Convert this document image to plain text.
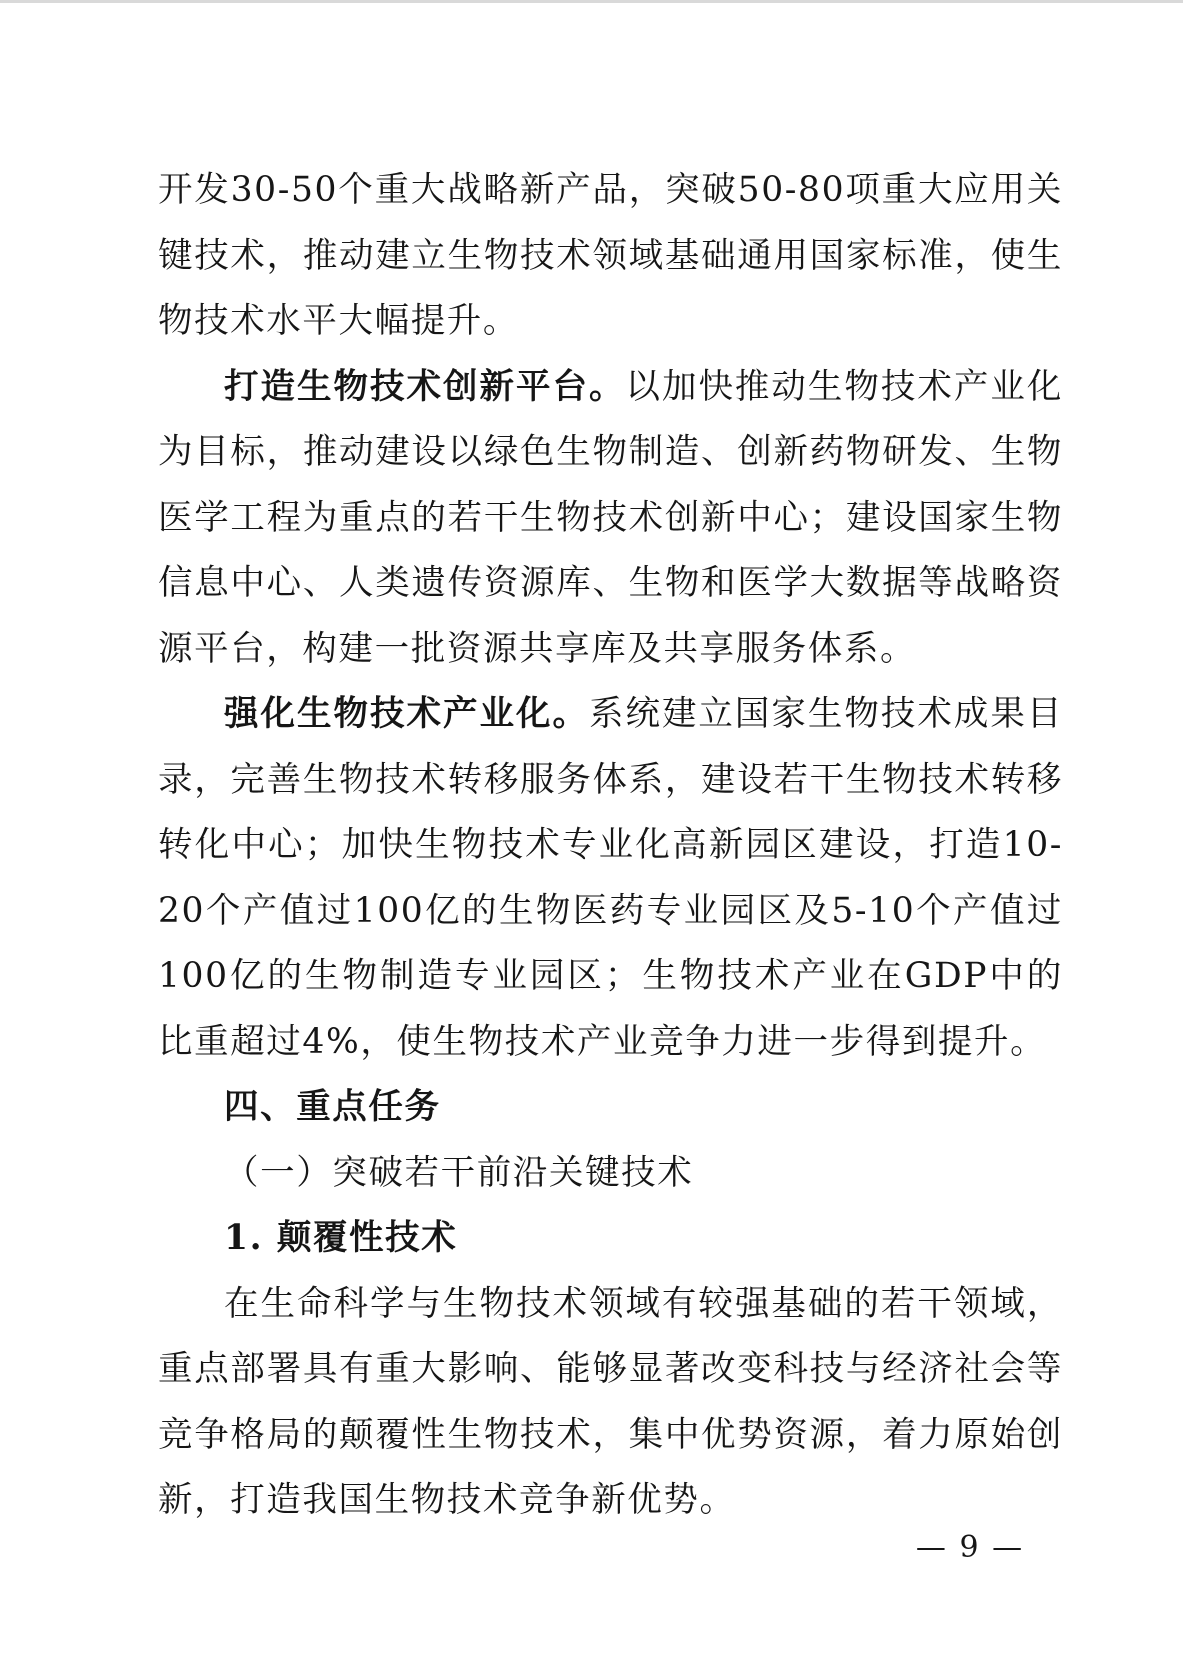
开发30-50个重大战略新产品，突破50-80项重大应用关键技术，推动建立生物技术领域基础通用国家标准，使生物技术水平大幅提升。

打造生物技术创新平台。以加快推动生物技术产业化为目标，推动建设以绿色生物制造、创新药物研发、生物医学工程为重点的若干生物技术创新中心；建设国家生物信息中心、人类遗传资源库、生物和医学大数据等战略资源平台，构建一批资源共享库及共享服务体系。

强化生物技术产业化。系统建立国家生物技术成果目录，完善生物技术转移服务体系，建设若干生物技术转移转化中心；加快生物技术专业化高新园区建设，打造10-20个产值过100亿的生物医药专业园区及5-10个产值过100亿的生物制造专业园区；生物技术产业在GDP中的比重超过4%，使生物技术产业竞争力进一步得到提升。

四、重点任务

（一）突破若干前沿关键技术

1. 颠覆性技术

在生命科学与生物技术领域有较强基础的若干领域，重点部署具有重大影响、能够显著改变科技与经济社会等竞争格局的颠覆性生物技术，集中优势资源，着力原始创新，打造我国生物技术竞争新优势。

— 9 —
